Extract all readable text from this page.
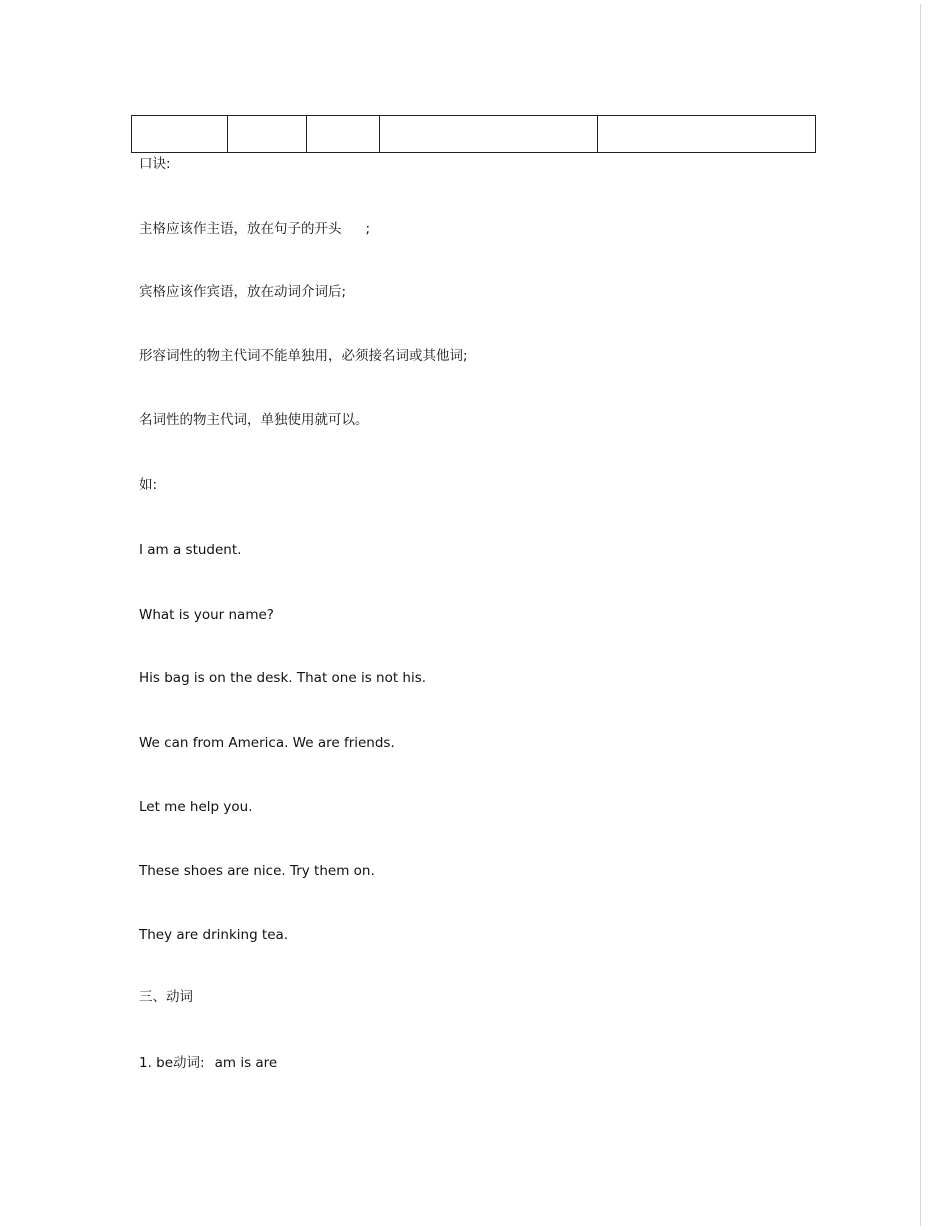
口诀:
主格应该作主语，放在句子的开头 ;
宾格应该作宾语，放在动词介词后;
形容词性的物主代词不能单独用，必须接名词或其他词;
名词性的物主代词，单独使用就可以。
如:
I am a student.
What is your name?
His bag is on the desk. That one is not his.
We can from America. We are friends.
Let me help you.
These shoes are nice. Try them on.
They are drinking tea.
三、动词
1. be动词: am is are
